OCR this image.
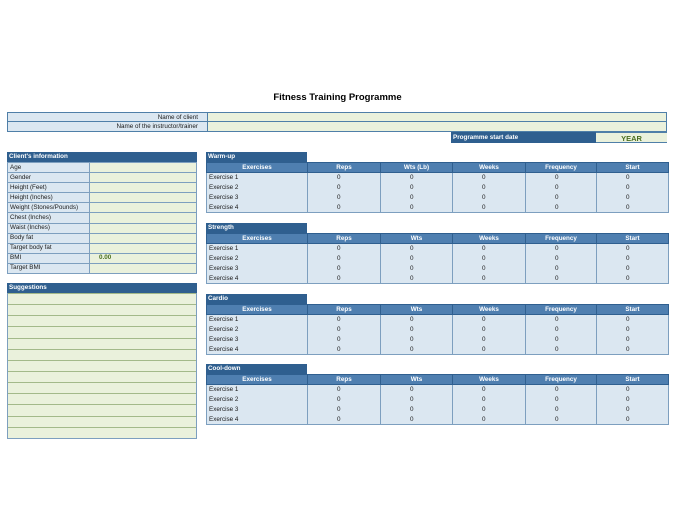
Fitness Training Programme
Name of client
Name of the instructor/trainer
Programme start date	YEAR
Client's information
Age	
Gender	
Height (Feet)	
Height (Inches)	
Weight (Stones/Pounds)	
Chest (Inches)	
Waist (Inches)	
Body fat	
Target body fat	
BMI	0.00
Target BMI	
Suggestions
Warm-up
Exercises	Reps	Wts (Lb)	Weeks	Frequency	Start
Exercise 1	0	0	0	0	0
Exercise 2	0	0	0	0	0
Exercise 3	0	0	0	0	0
Exercise 4	0	0	0	0	0
Strength
Exercises	Reps	Wts	Weeks	Frequency	Start
Exercise 1	0	0	0	0	0
Exercise 2	0	0	0	0	0
Exercise 3	0	0	0	0	0
Exercise 4	0	0	0	0	0
Cardio
Exercises	Reps	Wts	Weeks	Frequency	Start
Exercise 1	0	0	0	0	0
Exercise 2	0	0	0	0	0
Exercise 3	0	0	0	0	0
Exercise 4	0	0	0	0	0
Cool-down
Exercises	Reps	Wts	Weeks	Frequency	Start
Exercise 1	0	0	0	0	0
Exercise 2	0	0	0	0	0
Exercise 3	0	0	0	0	0
Exercise 4	0	0	0	0	0
